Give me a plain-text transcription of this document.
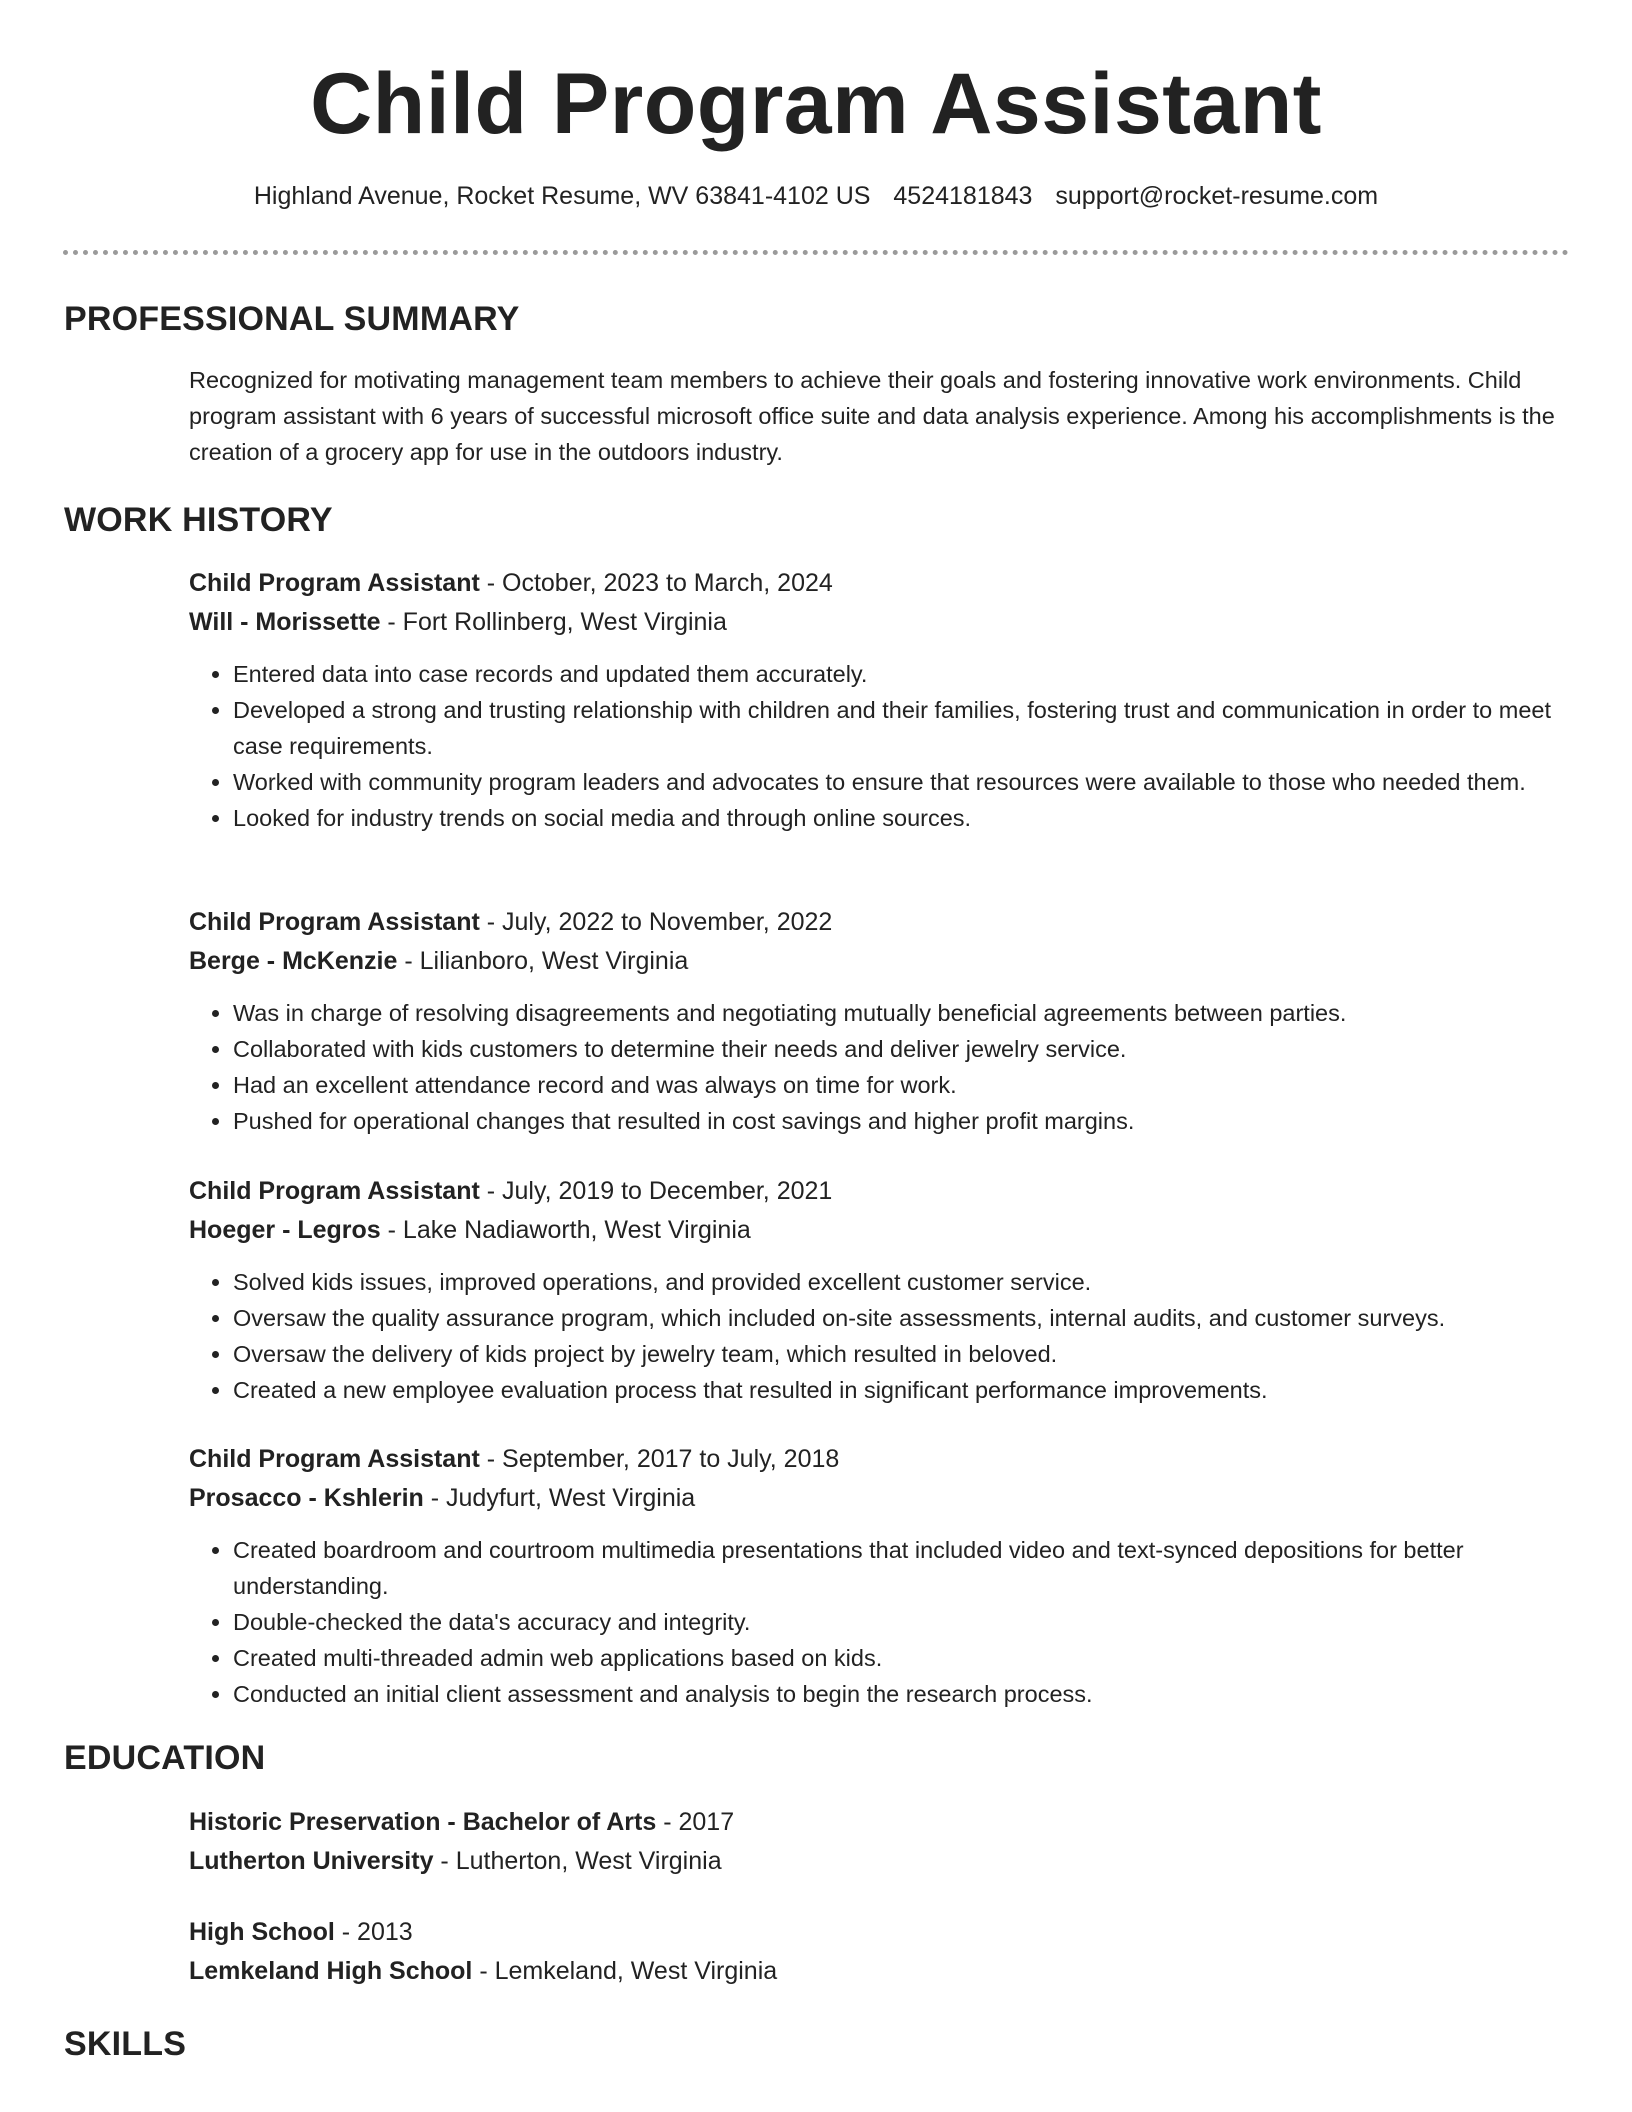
Child Program Assistant
Highland Avenue, Rocket Resume, WV 63841-4102 US 4524181843 support@rocket-resume.com
PROFESSIONAL SUMMARY

Recognized for motivating management team members to achieve their goals and fostering innovative work environments. Child program assistant with 6 years of successful microsoft office suite and data analysis experience. Among his accomplishments is the creation of a grocery app for use in the outdoors industry.

WORK HISTORY

Child Program Assistant - October, 2023 to March, 2024

Will - Morissette - Fort Rollinberg, West Virginia

• Entered data into case records and updated them accurately.
• Developed a strong and trusting relationship with children and their families, fostering trust and communication in order to meet case requirements.
• Worked with community program leaders and advocates to ensure that resources were available to those who needed them.
• Looked for industry trends on social media and through online sources.

Child Program Assistant - July, 2022 to November, 2022

Berge - McKenzie - Lilianboro, West Virginia

• Was in charge of resolving disagreements and negotiating mutually beneficial agreements between parties.
• Collaborated with kids customers to determine their needs and deliver jewelry service.
• Had an excellent attendance record and was always on time for work.
• Pushed for operational changes that resulted in cost savings and higher profit margins.

Child Program Assistant - July, 2019 to December, 2021

Hoeger - Legros - Lake Nadiaworth, West Virginia

• Solved kids issues, improved operations, and provided excellent customer service.
• Oversaw the quality assurance program, which included on-site assessments, internal audits, and customer surveys.
• Oversaw the delivery of kids project by jewelry team, which resulted in beloved.
• Created a new employee evaluation process that resulted in significant performance improvements.

Child Program Assistant - September, 2017 to July, 2018

Prosacco - Kshlerin - Judyfurt, West Virginia

• Created boardroom and courtroom multimedia presentations that included video and text-synced depositions for better understanding.
• Double-checked the data's accuracy and integrity.
• Created multi-threaded admin web applications based on kids.
• Conducted an initial client assessment and analysis to begin the research process.
EDUCATION

Historic Preservation - Bachelor of Arts - 2017

Lutherton University - Lutherton, West Virginia

High School - 2013

Lemkeland High School - Lemkeland, West Virginia

SKILLS
